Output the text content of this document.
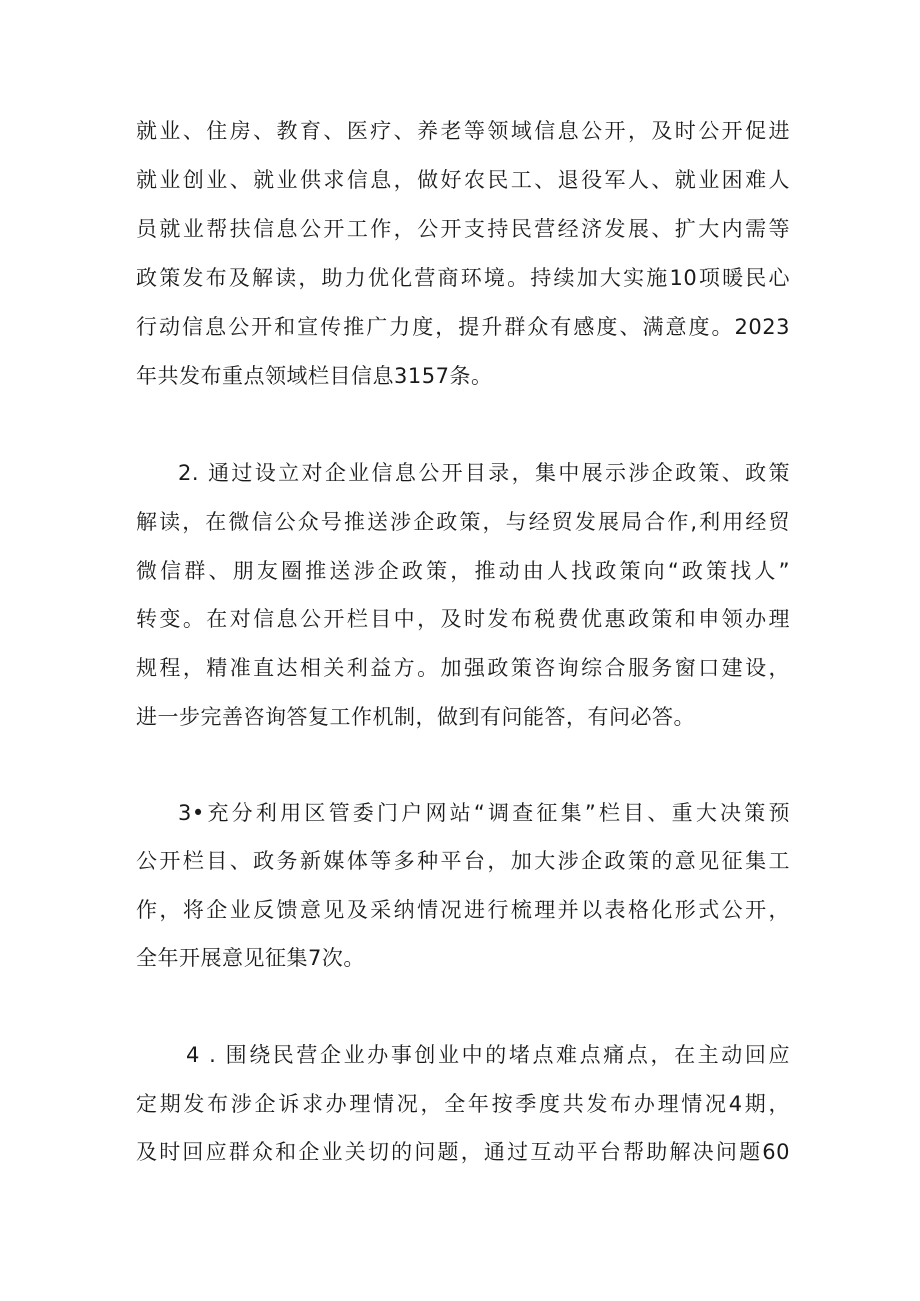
就业、住房、教育、医疗、养老等领域信息公开，及时公开促进
就业创业、就业供求信息，做好农民工、退役军人、就业困难人
员就业帮扶信息公开工作，公开支持民营经济发展、扩大内需等
政策发布及解读，助力优化营商环境。持续加大实施10项暖民心
行动信息公开和宣传推广力度，提升群众有感度、满意度。2023
年共发布重点领域栏目信息3157条。
2. 通过设立对企业信息公开目录，集中展示涉企政策、政策
解读，在微信公众号推送涉企政策，与经贸发展局合作,利用经贸
微信群、朋友圈推送涉企政策，推动由人找政策向“政策找人”
转变。在对信息公开栏目中，及时发布税费优惠政策和申领办理
规程，精准直达相关利益方。加强政策咨询综合服务窗口建设，
进一步完善咨询答复工作机制，做到有问能答，有问必答。
3•充分利用区管委门户网站“调查征集”栏目、重大决策预
公开栏目、政务新媒体等多种平台，加大涉企政策的意见征集工
作，将企业反馈意见及采纳情况进行梳理并以表格化形式公开，
全年开展意见征集7次。
4 . 围绕民营企业办事创业中的堵点难点痛点，在主动回应
定期发布涉企诉求办理情况，全年按季度共发布办理情况4期，
及时回应群众和企业关切的问题，通过互动平台帮助解决问题60
